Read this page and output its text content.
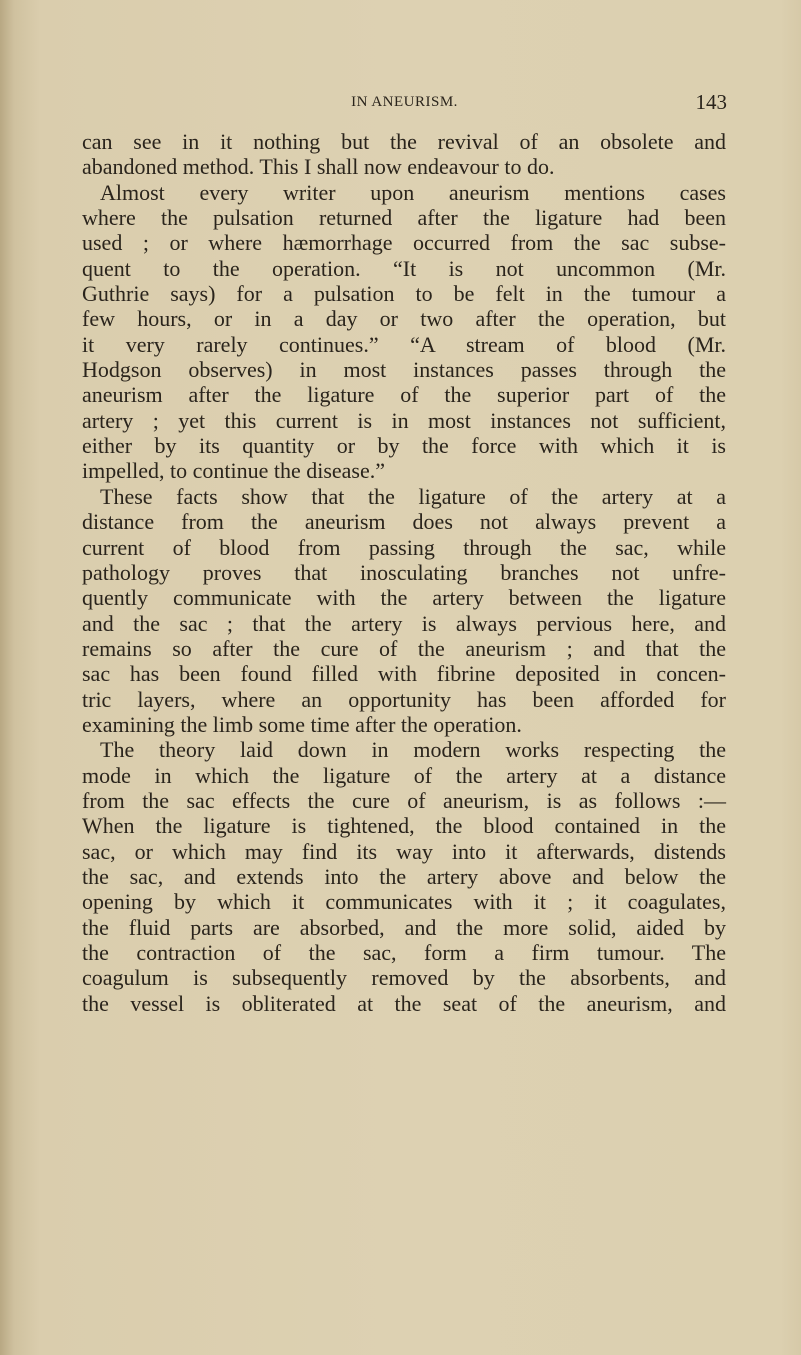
IN ANEURISM.	143
can see in it nothing but the revival of an obsolete and
abandoned method. This I shall now endeavour to do.
Almost every writer upon aneurism mentions cases
where the pulsation returned after the ligature had been
used ; or where hæmorrhage occurred from the sac subse-
quent to the operation. “It is not uncommon (Mr.
Guthrie says) for a pulsation to be felt in the tumour a
few hours, or in a day or two after the operation, but
it very rarely continues.” “A stream of blood (Mr.
Hodgson observes) in most instances passes through the
aneurism after the ligature of the superior part of the
artery ; yet this current is in most instances not sufficient,
either by its quantity or by the force with which it is
impelled, to continue the disease.”
These facts show that the ligature of the artery at a
distance from the aneurism does not always prevent a
current of blood from passing through the sac, while
pathology proves that inosculating branches not unfre-
quently communicate with the artery between the ligature
and the sac ; that the artery is always pervious here, and
remains so after the cure of the aneurism ; and that the
sac has been found filled with fibrine deposited in concen-
tric layers, where an opportunity has been afforded for
examining the limb some time after the operation.
The theory laid down in modern works respecting the
mode in which the ligature of the artery at a distance
from the sac effects the cure of aneurism, is as follows :—
When the ligature is tightened, the blood contained in the
sac, or which may find its way into it afterwards, distends
the sac, and extends into the artery above and below the
opening by which it communicates with it ; it coagulates,
the fluid parts are absorbed, and the more solid, aided by
the contraction of the sac, form a firm tumour. The
coagulum is subsequently removed by the absorbents, and
the vessel is obliterated at the seat of the aneurism, and
